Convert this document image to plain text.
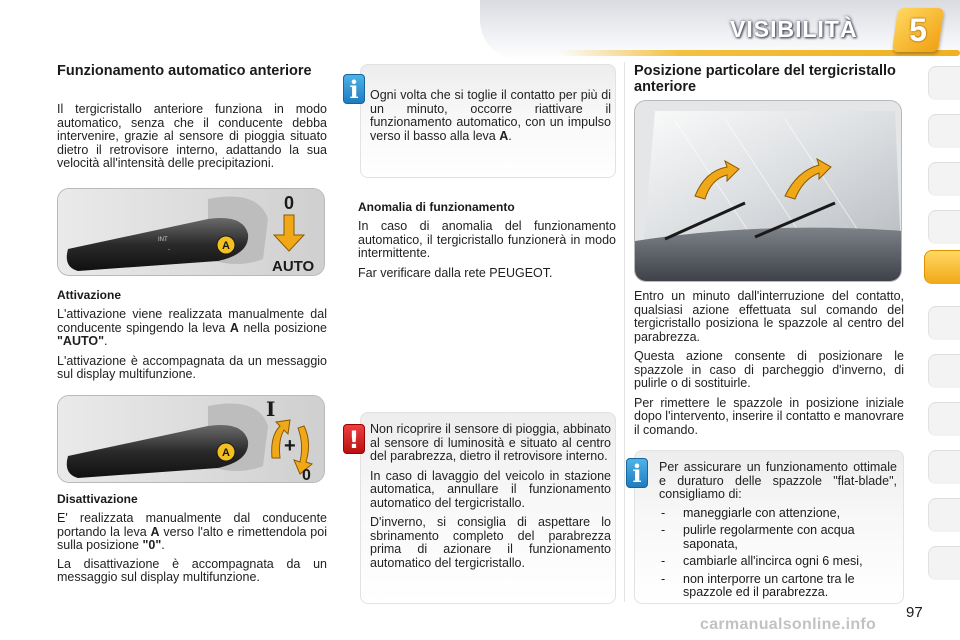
VISIBILITÀ	5
Funzionamento automatico anteriore
Il tergicristallo anteriore funziona in modo automatico, senza che il conducente debba intervenire, grazie al sensore di pioggia situato dietro il retrovisore interno, adattando la sua velocità all'intensità delle precipitazioni.
INT
-	A
0
AUTO
Attivazione
L'attivazione viene realizzata manualmente dal conducente spingendo la leva A nella posizione "AUTO".
L'attivazione è accompagnata da un messaggio sul display multifunzione.
A
I
+
0
Disattivazione
E' realizzata manualmente dal conducente portando la leva A verso l'alto e rimettendola poi sulla posizione "0".
La disattivazione è accompagnata da un messaggio sul display multifunzione.
Ogni volta che si toglie il contatto per più di un minuto, occorre riattivare il funzionamento automatico, con un impulso verso il basso alla leva A.
i
Anomalia di funzionamento
In caso di anomalia del funzionamento automatico, il tergicristallo funzionerà in modo intermittente.
Far verificare dalla rete PEUGEOT.
Non ricoprire il sensore di pioggia, abbinato al sensore di luminosità e situato al centro del parabrezza, dietro il retrovisore interno.
In caso di lavaggio del veicolo in stazione automatica, annullare il funzionamento automatico del tergicristallo.
D'inverno, si consiglia di aspettare lo sbrinamento completo del parabrezza prima di azionare il funzionamento automatico del tergicristallo.
!
Posizione particolare del tergicristallo anteriore
Entro un minuto dall'interruzione del contatto, qualsiasi azione effettuata sul comando del tergicristallo posiziona le spazzole al centro del parabrezza.
Questa azione consente di posizionare le spazzole in caso di parcheggio d'inverno, di pulirle o di sostituirle.
Per rimettere le spazzole in posizione iniziale dopo l'intervento, inserire il contatto e manovrare il comando.
Per assicurare un funzionamento ottimale e duraturo delle spazzole "flat-blade", consigliamo di:
-	maneggiarle con attenzione,
-	pulirle regolarmente con acqua saponata,
-	cambiarle all'incirca ogni 6 mesi,
-	non interporre un cartone tra le spazzole ed il parabrezza.
i
97
carmanualsonline.info
